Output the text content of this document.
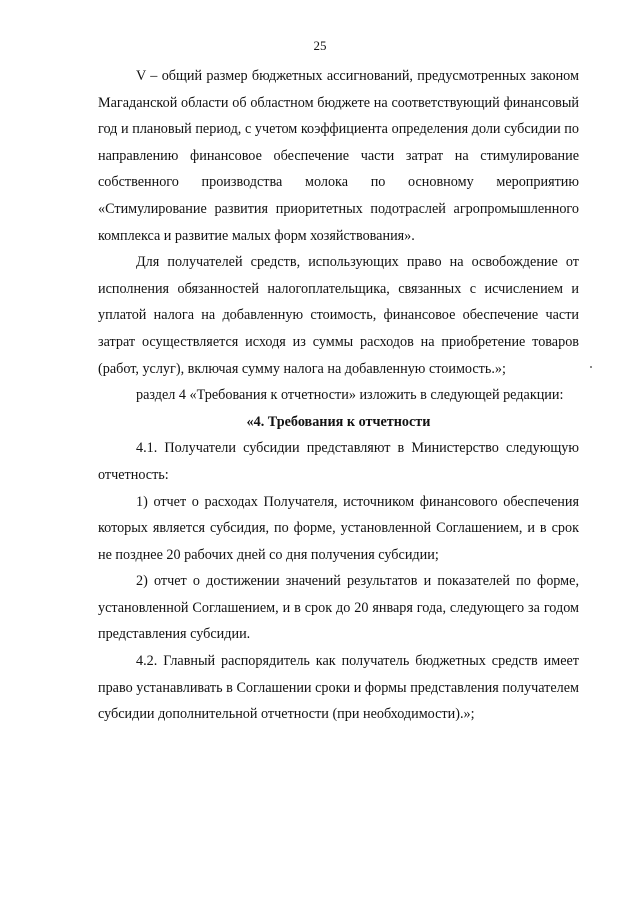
25

V – общий размер бюджетных ассигнований, предусмотренных законом Магаданской области об областном бюджете на соответствующий финансовый год и плановый период, с учетом коэффициента определения доли субсидии по направлению финансовое обеспечение части затрат на стимулирование собственного производства молока по основному мероприятию «Стимулирование развития приоритетных подотраслей агропромышленного комплекса и развитие малых форм хозяйствования».

Для получателей средств, использующих право на освобождение от исполнения обязанностей налогоплательщика, связанных с исчислением и уплатой налога на добавленную стоимость, финансовое обеспечение части затрат осуществляется исходя из суммы расходов на приобретение товаров (работ, услуг), включая сумму налога на добавленную стоимость.»;

раздел 4 «Требования к отчетности» изложить в следующей редакции:

«4. Требования к отчетности

4.1. Получатели субсидии представляют в Министерство следующую отчетность:

1) отчет о расходах Получателя, источником финансового обеспечения которых является субсидия, по форме, установленной Соглашением, и в срок не позднее 20 рабочих дней со дня получения субсидии;

2) отчет о достижении значений результатов и показателей по форме, установленной Соглашением, и в срок до 20 января года, следующего за годом представления субсидии.

4.2. Главный распорядитель как получатель бюджетных средств имеет право устанавливать в Соглашении сроки и формы представления получателем субсидии дополнительной отчетности (при необходимости).»;
